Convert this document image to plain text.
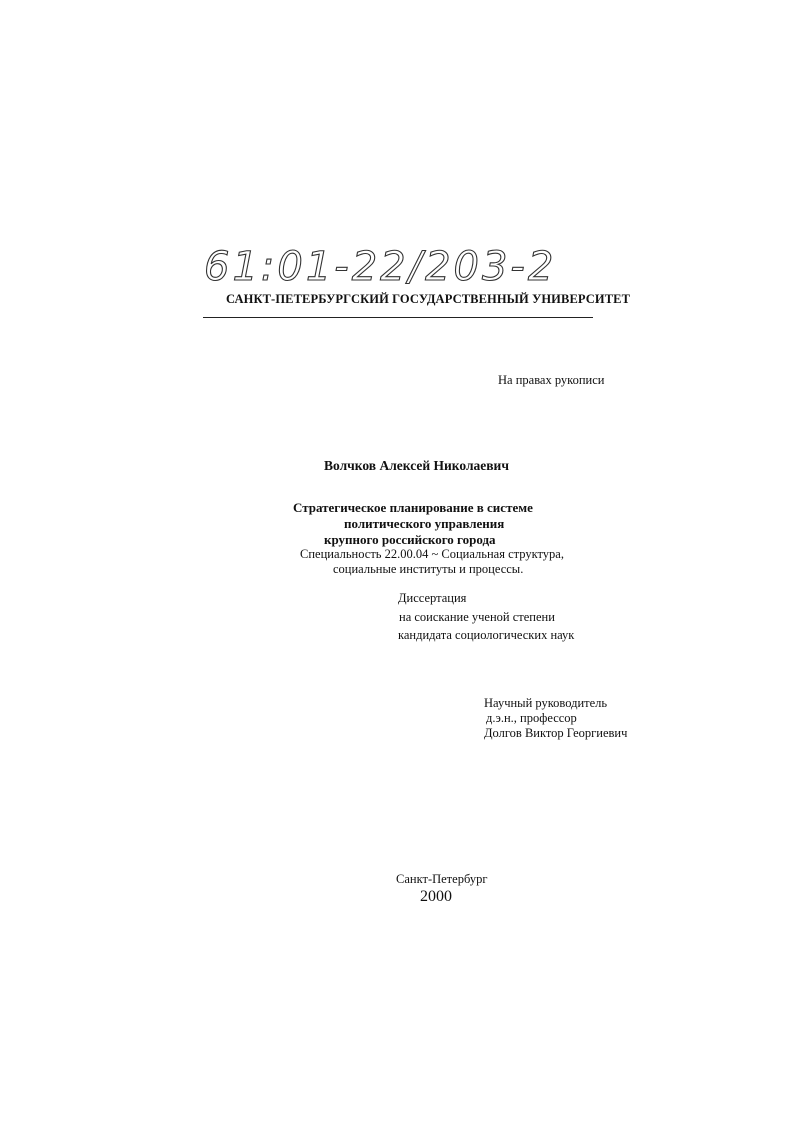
61:01-22/203-2
САНКТ-ПЕТЕРБУРГСКИЙ ГОСУДАРСТВЕННЫЙ УНИВЕРСИТЕТ
На правах рукописи
Волчков Алексей Николаевич
Стратегическое планирование в системе
политического управления
крупного российского города
Специальность 22.00.04 ~ Социальная структура,
социальные институты и процессы.
Диссертация
на соискание ученой степени
кандидата социологических наук
Научный руководитель
д.э.н., профессор
Долгов Виктор Георгиевич
Санкт-Петербург
2000
